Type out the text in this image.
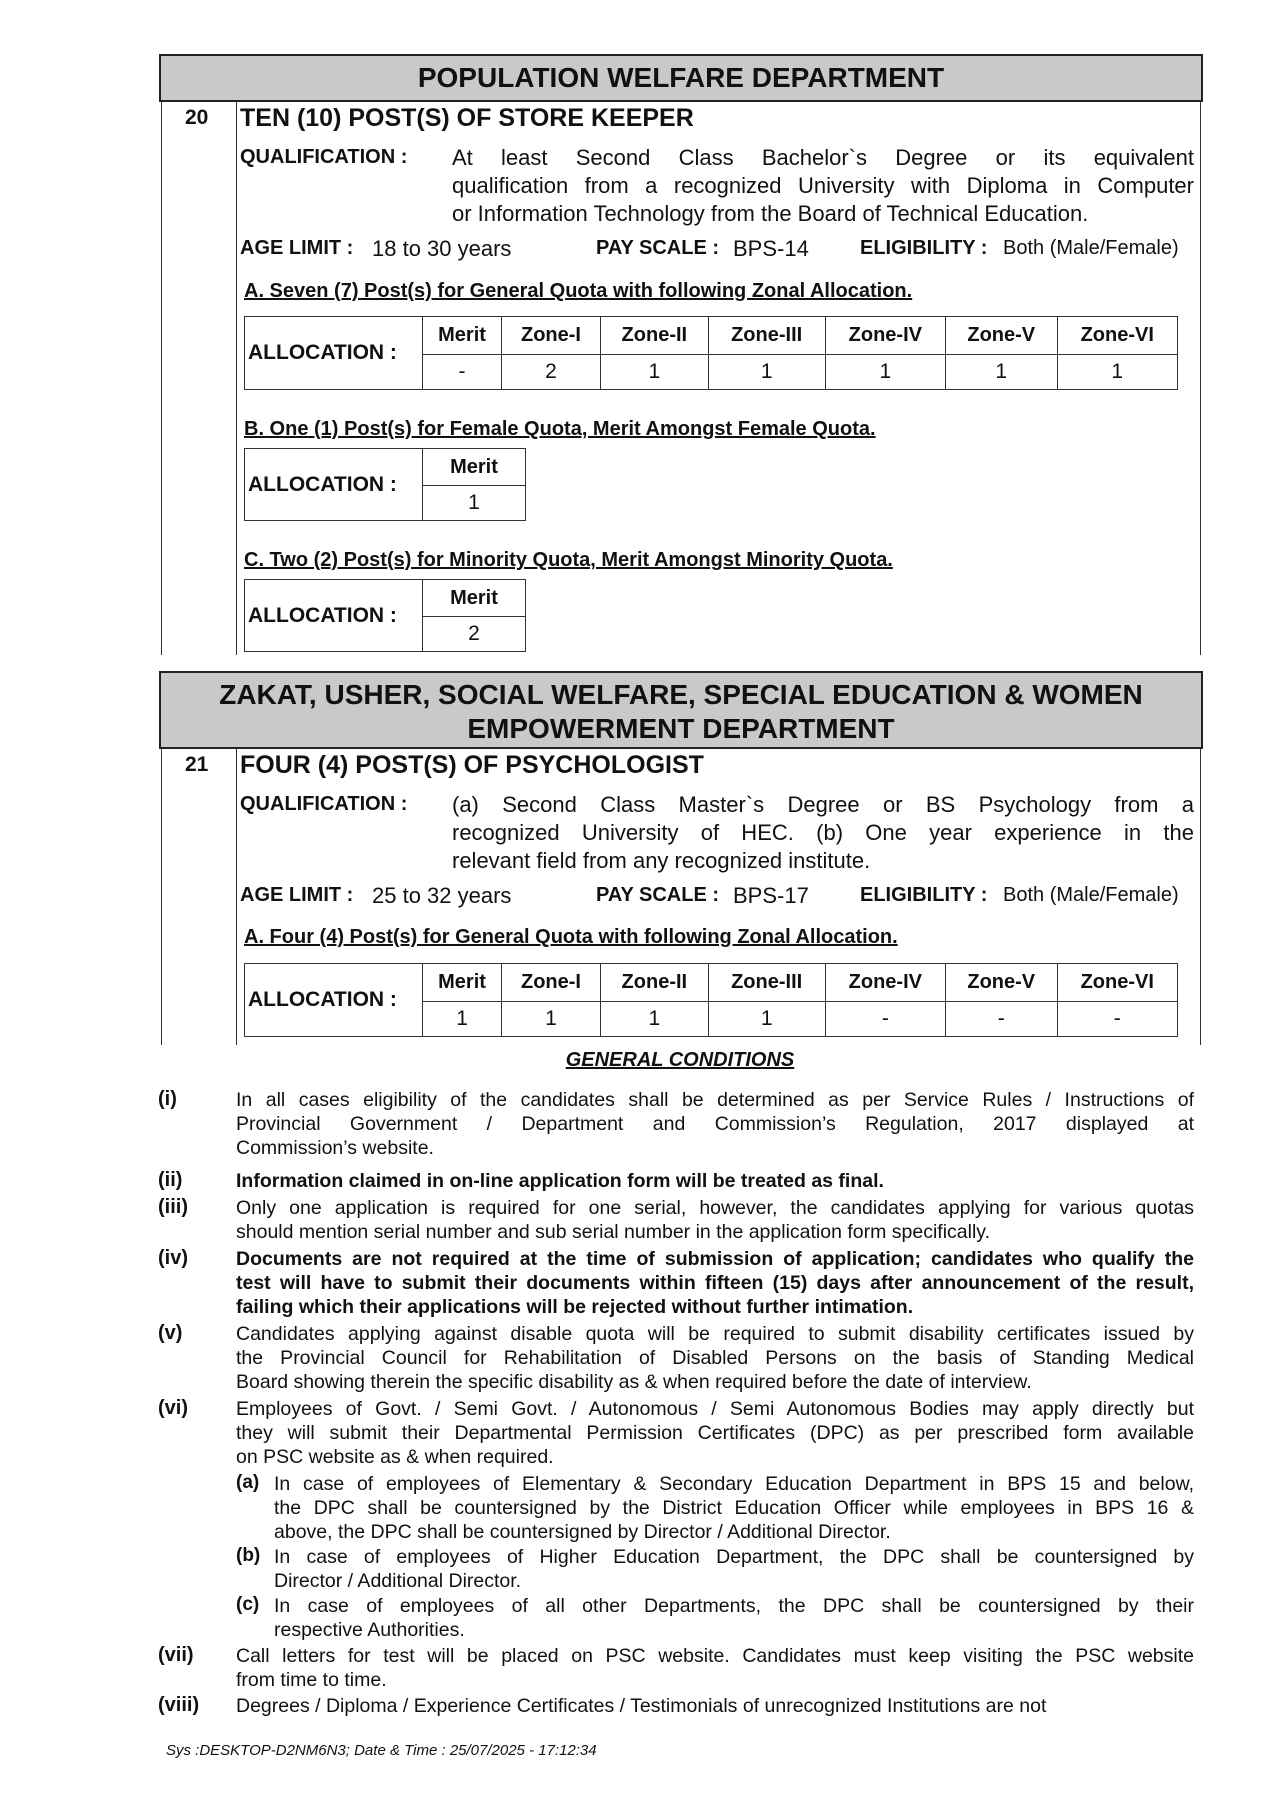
POPULATION WELFARE DEPARTMENT
20 TEN (10) POST(S) OF STORE KEEPER
QUALIFICATION : At least Second Class Bachelor`s Degree or its equivalent
qualification from a recognized University with Diploma in Computer
or Information Technology from the Board of Technical Education.
AGE LIMIT : 18 to 30 years	PAY SCALE : BPS-14	ELIGIBILITY : Both (Male/Female)
A. Seven (7) Post(s) for General Quota with following Zonal Allocation.
ALLOCATION :	Merit	Zone-I	Zone-II	Zone-III	Zone-IV	Zone-V	Zone-VI
	-	2	1	1	1	1	1
B. One (1) Post(s) for Female Quota, Merit Amongst Female Quota.
ALLOCATION :	Merit
1
C. Two (2) Post(s) for Minority Quota, Merit Amongst Minority Quota.
ALLOCATION :	Merit
2
ZAKAT, USHER, SOCIAL WELFARE, SPECIAL EDUCATION & WOMEN
EMPOWERMENT DEPARTMENT
21 FOUR (4) POST(S) OF PSYCHOLOGIST
QUALIFICATION : (a) Second Class Master`s Degree or BS Psychology from a
recognized University of HEC. (b) One year experience in the
relevant field from any recognized institute.
AGE LIMIT : 25 to 32 years	PAY SCALE : BPS-17	ELIGIBILITY : Both (Male/Female)
A. Four (4) Post(s) for General Quota with following Zonal Allocation.
ALLOCATION :	Merit	Zone-I	Zone-II	Zone-III	Zone-IV	Zone-V	Zone-VI
	1	1	1	1	-	-	-
GENERAL CONDITIONS
(i)	In all cases eligibility of the candidates shall be determined as per Service Rules / Instructions of
Provincial Government / Department and Commission’s Regulation, 2017 displayed at
Commission’s website.
(ii)	Information claimed in on-line application form will be treated as final.
(iii) Only one application is required for one serial, however, the candidates applying for various quotas
should mention serial number and sub serial number in the application form specifically.
(iv) Documents are not required at the time of submission of application; candidates who qualify the
test will have to submit their documents within fifteen (15) days after announcement of the result,
failing which their applications will be rejected without further intimation.
(v)	Candidates applying against disable quota will be required to submit disability certificates issued by
the Provincial Council for Rehabilitation of Disabled Persons on the basis of Standing Medical
Board showing therein the specific disability as & when required before the date of interview.
(vi) Employees of Govt. / Semi Govt. / Autonomous / Semi Autonomous Bodies may apply directly but
they will submit their Departmental Permission Certificates (DPC) as per prescribed form available
on PSC website as & when required.
(a) In case of employees of Elementary & Secondary Education Department in BPS 15 and below,
the DPC shall be countersigned by the District Education Officer while employees in BPS 16 &
above, the DPC shall be countersigned by Director / Additional Director.
(b) In case of employees of Higher Education Department, the DPC shall be countersigned by
Director / Additional Director.
(c) In case of employees of all other Departments, the DPC shall be countersigned by their
respective Authorities.
(vii) Call letters for test will be placed on PSC website. Candidates must keep visiting the PSC website
from time to time.
(viii) Degrees / Diploma / Experience Certificates / Testimonials of unrecognized Institutions are not
Sys :DESKTOP-D2NM6N3; Date & Time : 25/07/2025 - 17:12:34
